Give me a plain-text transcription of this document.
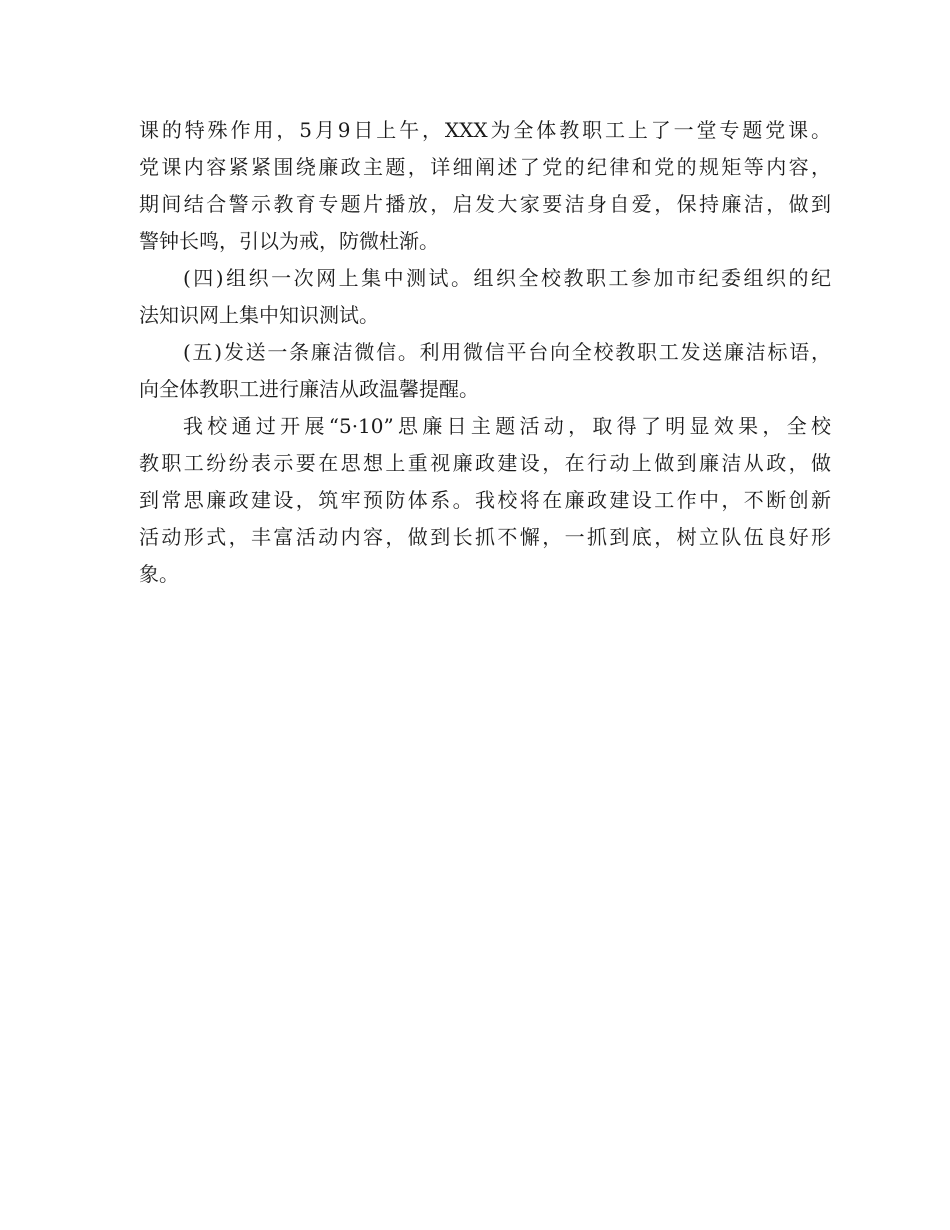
课的特殊作用，5月9日上午，XXX为全体教职工上了一堂专题党课。
党课内容紧紧围绕廉政主题，详细阐述了党的纪律和党的规矩等内容，
期间结合警示教育专题片播放，启发大家要洁身自爱，保持廉洁，做到
警钟长鸣，引以为戒，防微杜渐。
(四)组织一次网上集中测试。组织全校教职工参加市纪委组织的纪
法知识网上集中知识测试。
(五)发送一条廉洁微信。利用微信平台向全校教职工发送廉洁标语，
向全体教职工进行廉洁从政温馨提醒。
我校通过开展“5·10”思廉日主题活动，取得了明显效果，全校
教职工纷纷表示要在思想上重视廉政建设，在行动上做到廉洁从政，做
到常思廉政建设，筑牢预防体系。我校将在廉政建设工作中，不断创新
活动形式，丰富活动内容，做到长抓不懈，一抓到底，树立队伍良好形
象。
